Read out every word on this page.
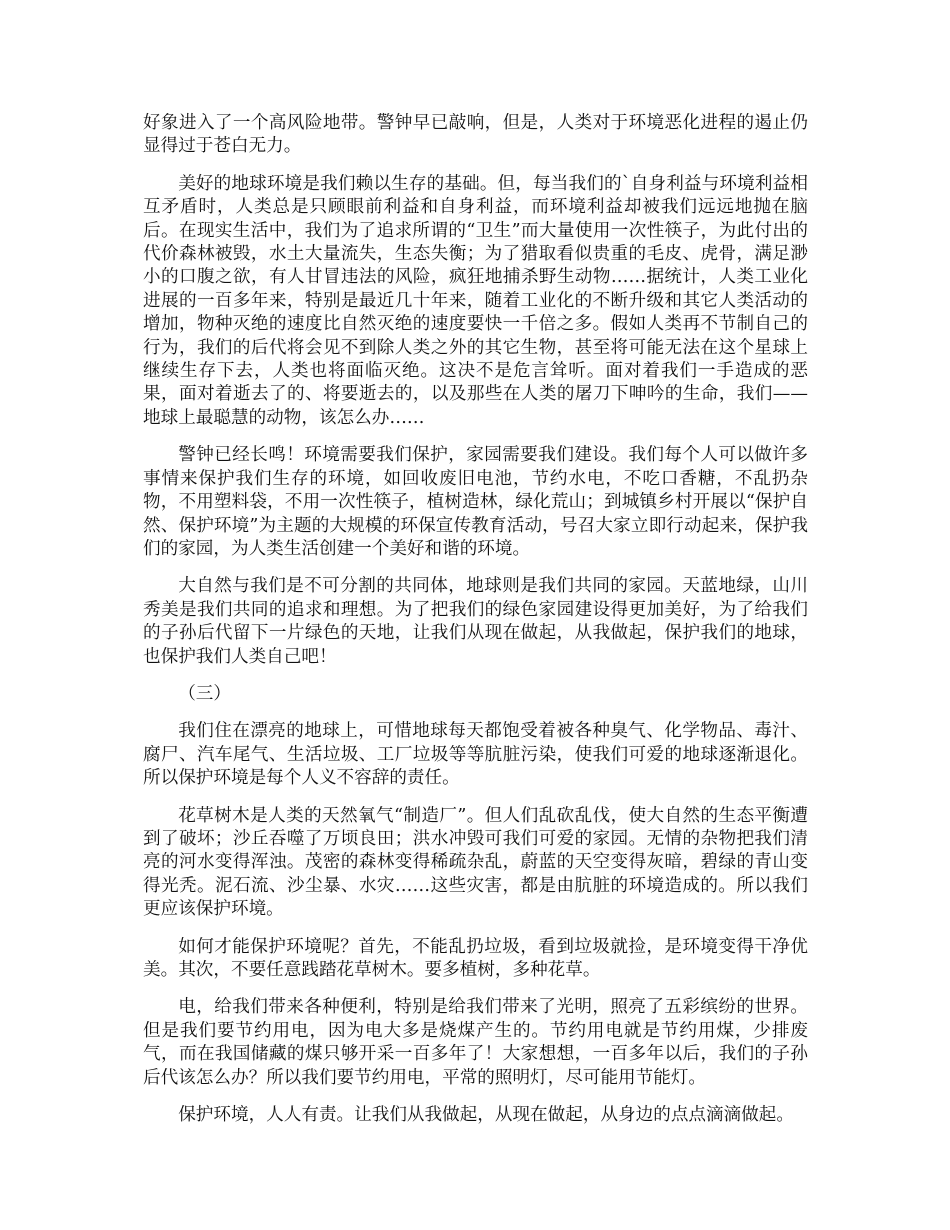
好象进入了一个高风险地带。警钟早已敲响，但是，人类对于环境恶化进程的遏止仍显得过于苍白无力。

美好的地球环境是我们赖以生存的基础。但，每当我们的`自身利益与环境利益相互矛盾时，人类总是只顾眼前利益和自身利益，而环境利益却被我们远远地抛在脑后。在现实生活中，我们为了追求所谓的“卫生”而大量使用一次性筷子，为此付出的代价森林被毁，水土大量流失，生态失衡；为了猎取看似贵重的毛皮、虎骨，满足渺小的口腹之欲，有人甘冒违法的风险，疯狂地捕杀野生动物……据统计，人类工业化进展的一百多年来，特别是最近几十年来，随着工业化的不断升级和其它人类活动的增加，物种灭绝的速度比自然灭绝的速度要快一千倍之多。假如人类再不节制自己的行为，我们的后代将会见不到除人类之外的其它生物，甚至将可能无法在这个星球上继续生存下去，人类也将面临灭绝。这决不是危言耸听。面对着我们一手造成的恶果，面对着逝去了的、将要逝去的，以及那些在人类的屠刀下呻吟的生命，我们——地球上最聪慧的动物，该怎么办……

警钟已经长鸣！环境需要我们保护，家园需要我们建设。我们每个人可以做许多事情来保护我们生存的环境，如回收废旧电池，节约水电，不吃口香糖，不乱扔杂物，不用塑料袋，不用一次性筷子，植树造林，绿化荒山；到城镇乡村开展以“保护自然、保护环境”为主题的大规模的环保宣传教育活动，号召大家立即行动起来，保护我们的家园，为人类生活创建一个美好和谐的环境。

大自然与我们是不可分割的共同体，地球则是我们共同的家园。天蓝地绿，山川秀美是我们共同的追求和理想。为了把我们的绿色家园建设得更加美好，为了给我们的子孙后代留下一片绿色的天地，让我们从现在做起，从我做起，保护我们的地球，也保护我们人类自己吧！

（三）

我们住在漂亮的地球上，可惜地球每天都饱受着被各种臭气、化学物品、毒汁、腐尸、汽车尾气、生活垃圾、工厂垃圾等等肮脏污染，使我们可爱的地球逐渐退化。所以保护环境是每个人义不容辞的责任。

花草树木是人类的天然氧气“制造厂”。但人们乱砍乱伐，使大自然的生态平衡遭到了破坏；沙丘吞噬了万顷良田；洪水冲毁可我们可爱的家园。无情的杂物把我们清亮的河水变得浑浊。茂密的森林变得稀疏杂乱，蔚蓝的天空变得灰暗，碧绿的青山变得光秃。泥石流、沙尘暴、水灾……这些灾害，都是由肮脏的环境造成的。所以我们更应该保护环境。

如何才能保护环境呢？首先，不能乱扔垃圾，看到垃圾就捡，是环境变得干净优美。其次，不要任意践踏花草树木。要多植树，多种花草。

电，给我们带来各种便利，特别是给我们带来了光明，照亮了五彩缤纷的世界。但是我们要节约用电，因为电大多是烧煤产生的。节约用电就是节约用煤，少排废气，而在我国储藏的煤只够开采一百多年了！大家想想，一百多年以后，我们的子孙后代该怎么办？所以我们要节约用电，平常的照明灯，尽可能用节能灯。

保护环境，人人有责。让我们从我做起，从现在做起，从身边的点点滴滴做起。
